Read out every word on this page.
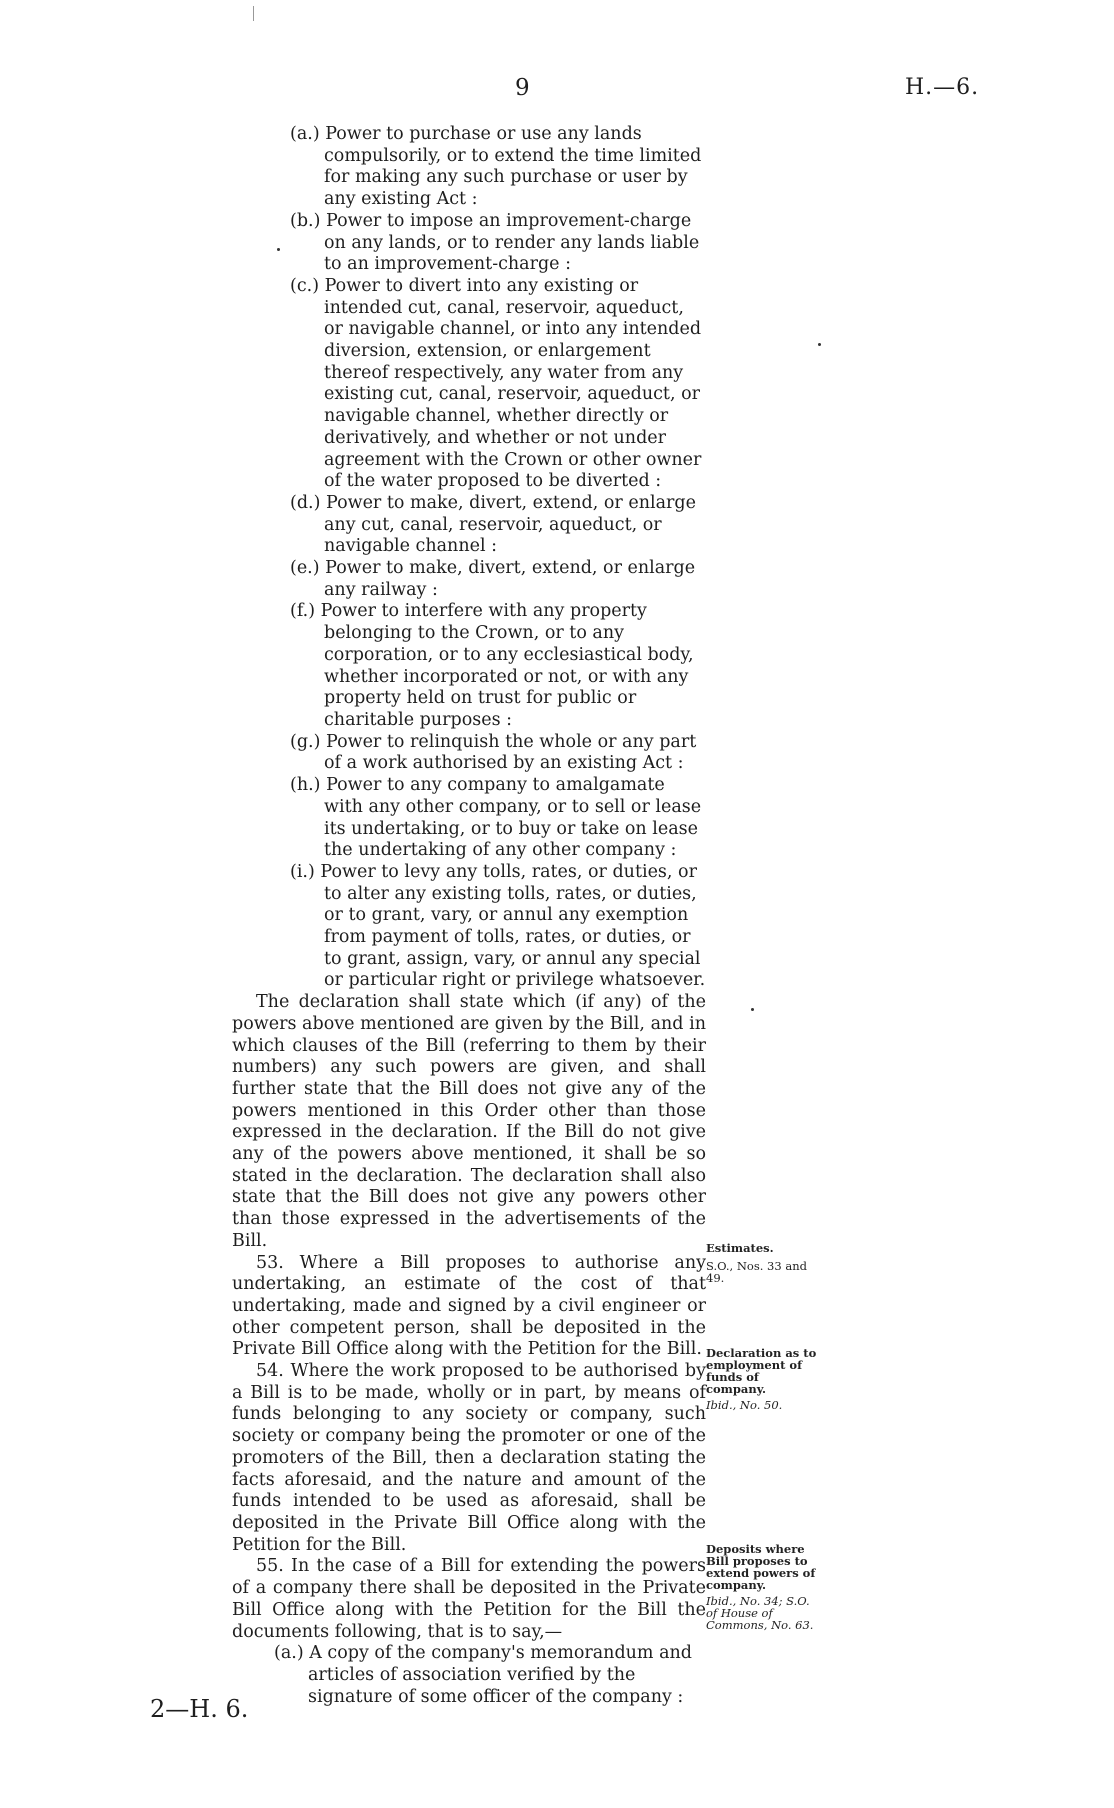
9	H.—6.

(a.) Power to purchase or use any lands compulsorily, or to extend the time limited for making any such purchase or user by any existing Act :

(b.) Power to impose an improvement-charge on any lands, or to render any lands liable to an improvement-charge :

(c.) Power to divert into any existing or intended cut, canal, reservoir, aqueduct, or navigable channel, or into any intended diversion, extension, or enlargement thereof respectively, any water from any existing cut, canal, reservoir, aqueduct, or navigable channel, whether directly or derivatively, and whether or not under agreement with the Crown or other owner of the water proposed to be diverted :

(d.) Power to make, divert, extend, or enlarge any cut, canal, reservoir, aqueduct, or navigable channel :

(e.) Power to make, divert, extend, or enlarge any railway :

(f.) Power to interfere with any property belonging to the Crown, or to any corporation, or to any ecclesiastical body, whether incorporated or not, or with any property held on trust for public or charitable purposes :

(g.) Power to relinquish the whole or any part of a work authorised by an existing Act :

(h.) Power to any company to amalgamate with any other company, or to sell or lease its undertaking, or to buy or take on lease the undertaking of any other company :

(i.) Power to levy any tolls, rates, or duties, or to alter any existing tolls, rates, or duties, or to grant, vary, or annul any exemption from payment of tolls, rates, or duties, or to grant, assign, vary, or annul any special or particular right or privilege whatsoever.

The declaration shall state which (if any) of the powers above mentioned are given by the Bill, and in which clauses of the Bill (referring to them by their numbers) any such powers are given, and shall further state that the Bill does not give any of the powers mentioned in this Order other than those expressed in the declaration. If the Bill do not give any of the powers above mentioned, it shall be so stated in the declaration. The declaration shall also state that the Bill does not give any powers other than those expressed in the advertisements of the Bill.

53. Where a Bill proposes to authorise any undertaking, an estimate of the cost of that undertaking, made and signed by a civil engineer or other competent person, shall be deposited in the Private Bill Office along with the Petition for the Bill.

54. Where the work proposed to be authorised by a Bill is to be made, wholly or in part, by means of funds belonging to any society or company, such society or company being the promoter or one of the promoters of the Bill, then a declaration stating the facts aforesaid, and the nature and amount of the funds intended to be used as aforesaid, shall be deposited in the Private Bill Office along with the Petition for the Bill.

55. In the case of a Bill for extending the powers of a company there shall be deposited in the Private Bill Office along with the Petition for the Bill the documents following, that is to say,—

(a.) A copy of the company's memorandum and articles of association verified by the signature of some officer of the company :

Estimates.
S.O., Nos. 33 and 49.
Declaration as to employment of funds of company.
Ibid., No. 50.
Deposits where Bill proposes to extend powers of company.
Ibid., No. 34; S.O. of House of Commons, No. 63.
2—H. 6.
